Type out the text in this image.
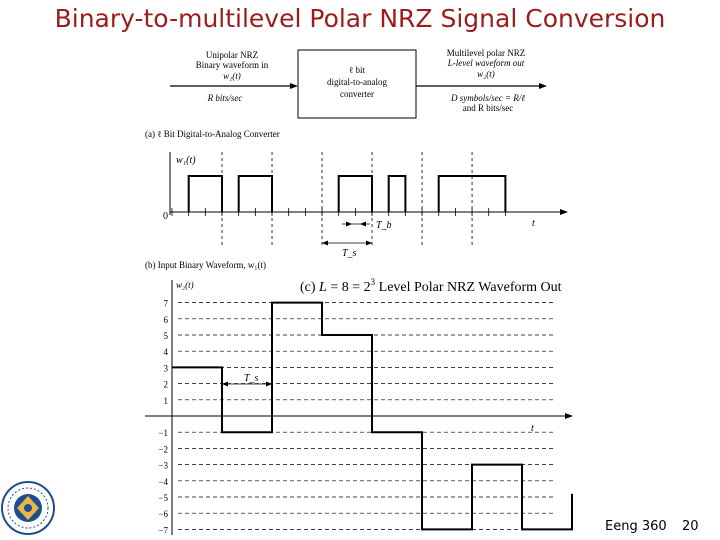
Binary-to-multilevel Polar NRZ Signal Conversion
Unipolar NRZ
Binary waveform in
w₁(t)
R bits/sec
ℓ bit
digital-to-analog
converter
Multilevel polar NRZ
L-level waveform out
w₂(t)
D symbols/sec = R/ℓ
and R bits/sec
(a) ℓ Bit Digital-to-Analog Converter
w₁(t)
0
t
T_b
T_s
(b) Input Binary Waveform, w₁(t)
w₂(t)
7
6
5
4
3
2
1
−1
−2
−3
−4
−5
−6
−7
t
T_s
(c) $L = 8 = 2^3$ Level Polar NRZ Waveform Out
Eeng 360 20
